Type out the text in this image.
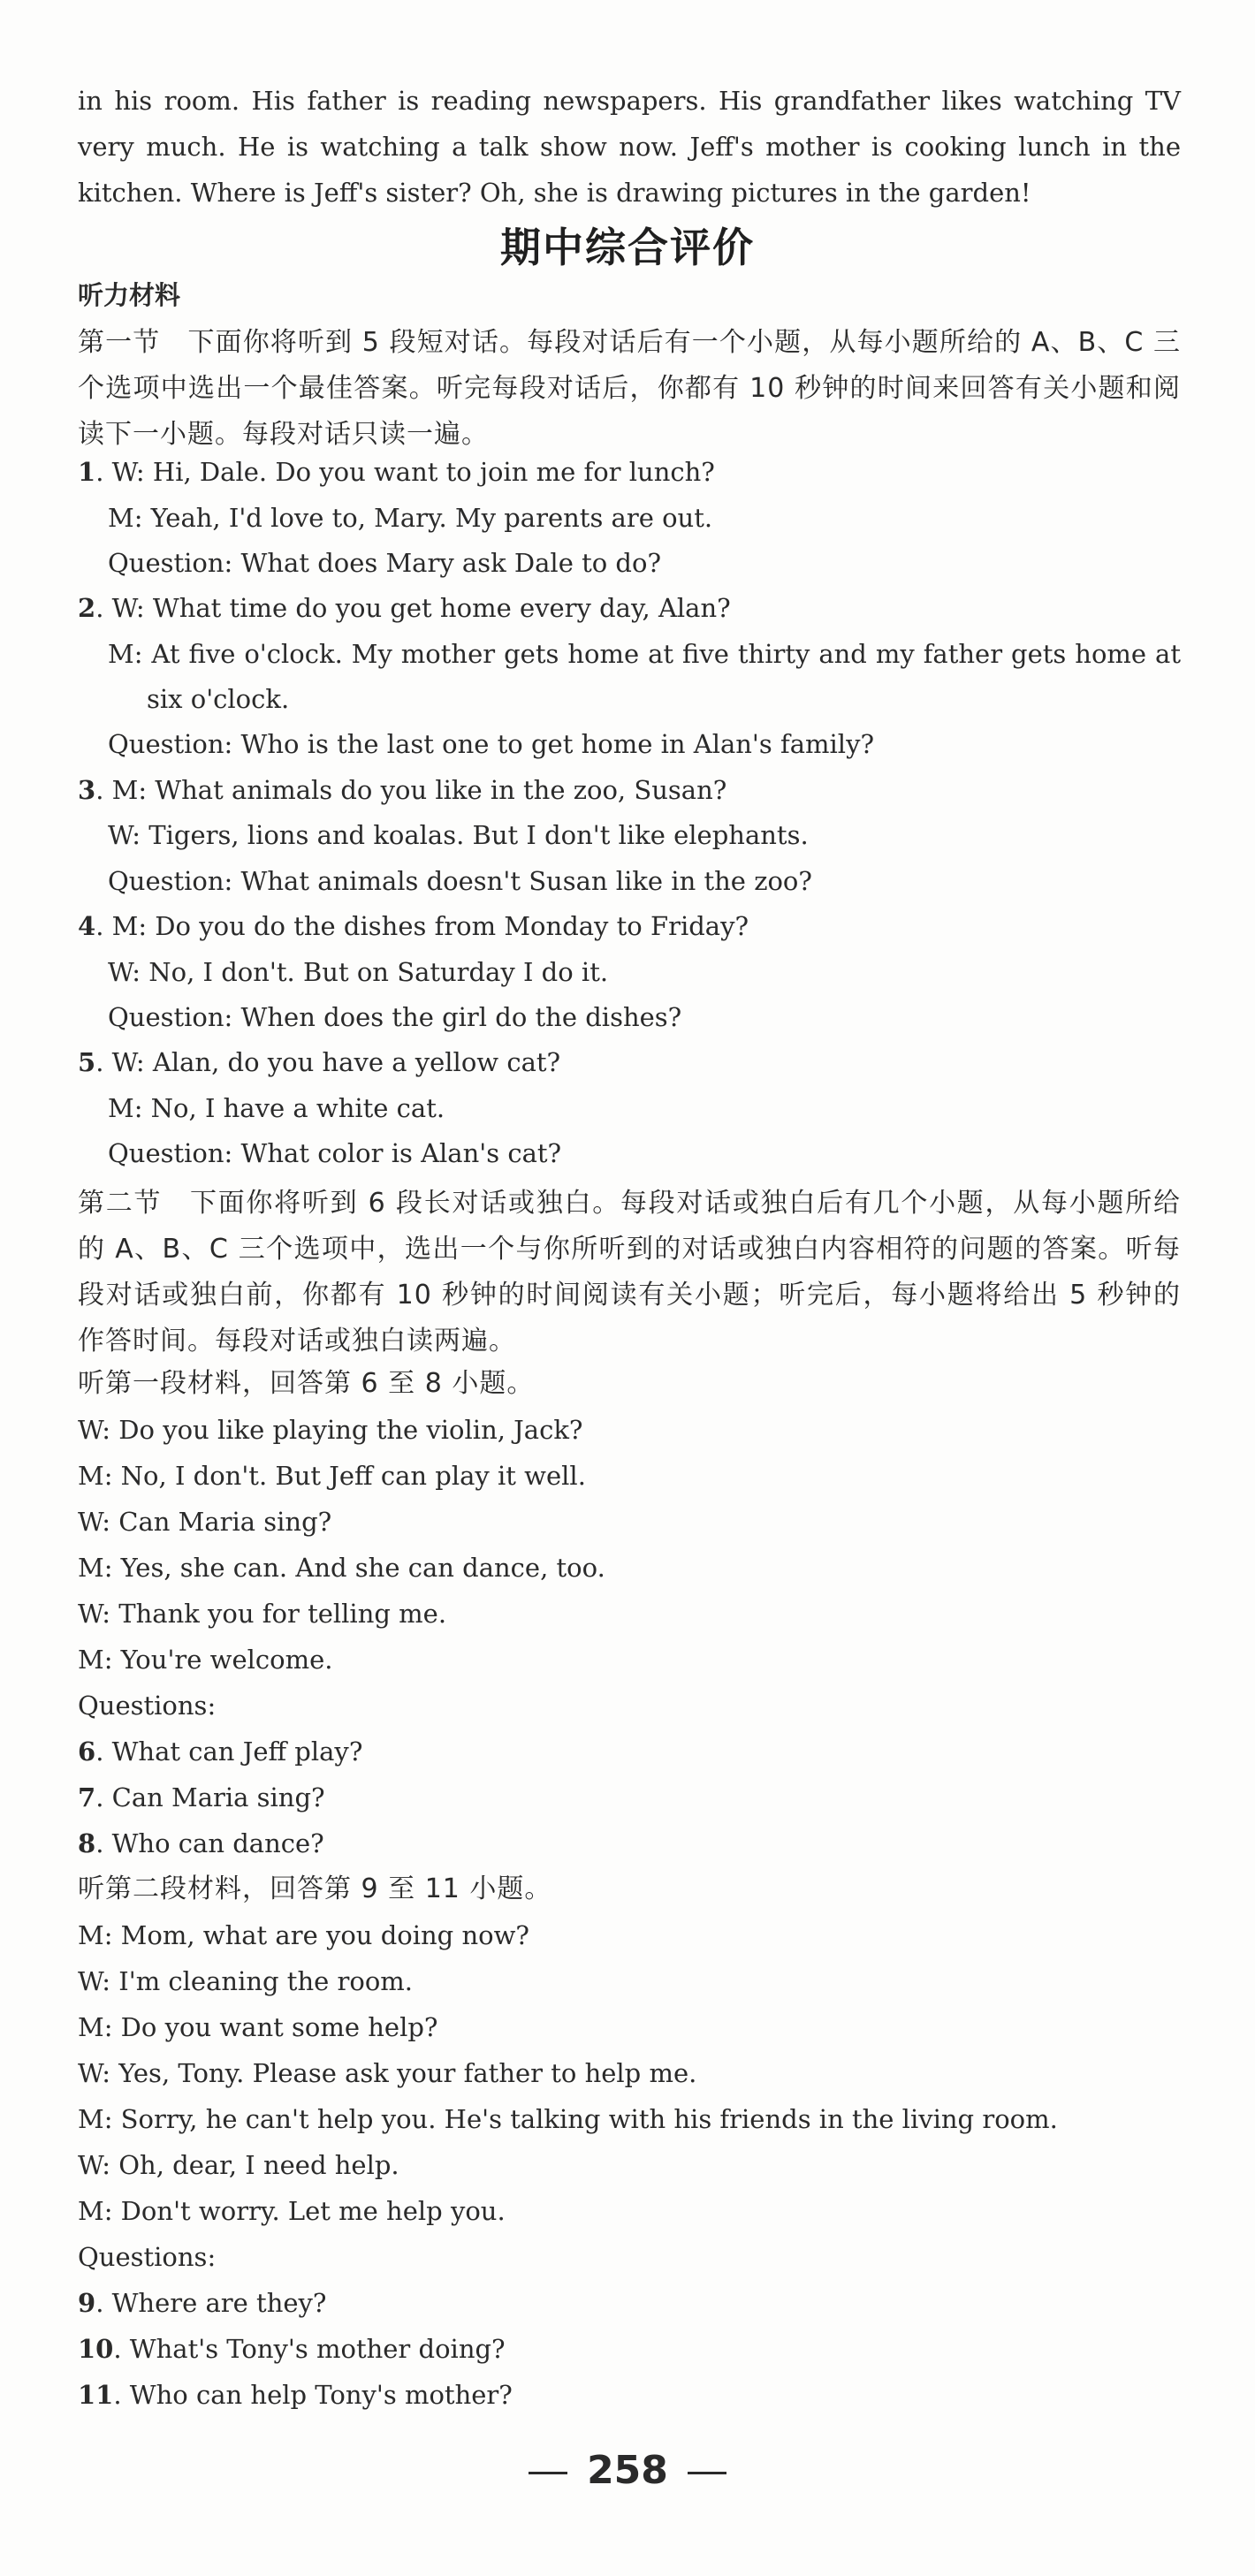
in his room. His father is reading newspapers. His grandfather likes watching TV very much. He is watching a talk show now. Jeff's mother is cooking lunch in the kitchen. Where is Jeff's sister? Oh, she is drawing pictures in the garden!
期中综合评价
听力材料
第一节　下面你将听到 5 段短对话。每段对话后有一个小题，从每小题所给的 A、B、C 三个选项中选出一个最佳答案。听完每段对话后，你都有 10 秒钟的时间来回答有关小题和阅读下一小题。每段对话只读一遍。
1. W: Hi, Dale. Do you want to join me for lunch?
M: Yeah, I'd love to, Mary. My parents are out.
Question: What does Mary ask Dale to do?
2. W: What time do you get home every day, Alan?
M: At five o'clock. My mother gets home at five thirty and my father gets home at
six o'clock.
Question: Who is the last one to get home in Alan's family?
3. M: What animals do you like in the zoo, Susan?
W: Tigers, lions and koalas. But I don't like elephants.
Question: What animals doesn't Susan like in the zoo?
4. M: Do you do the dishes from Monday to Friday?
W: No, I don't. But on Saturday I do it.
Question: When does the girl do the dishes?
5. W: Alan, do you have a yellow cat?
M: No, I have a white cat.
Question: What color is Alan's cat?
第二节　下面你将听到 6 段长对话或独白。每段对话或独白后有几个小题，从每小题所给的 A、B、C 三个选项中，选出一个与你所听到的对话或独白内容相符的问题的答案。听每段对话或独白前，你都有 10 秒钟的时间阅读有关小题；听完后，每小题将给出 5 秒钟的作答时间。每段对话或独白读两遍。
听第一段材料，回答第 6 至 8 小题。
W: Do you like playing the violin, Jack?
M: No, I don't. But Jeff can play it well.
W: Can Maria sing?
M: Yes, she can. And she can dance, too.
W: Thank you for telling me.
M: You're welcome.
Questions:
6. What can Jeff play?
7. Can Maria sing?
8. Who can dance?
听第二段材料，回答第 9 至 11 小题。
M: Mom, what are you doing now?
W: I'm cleaning the room.
M: Do you want some help?
W: Yes, Tony. Please ask your father to help me.
M: Sorry, he can't help you. He's talking with his friends in the living room.
W: Oh, dear, I need help.
M: Don't worry. Let me help you.
Questions:
9. Where are they?
10. What's Tony's mother doing?
11. Who can help Tony's mother?
258
